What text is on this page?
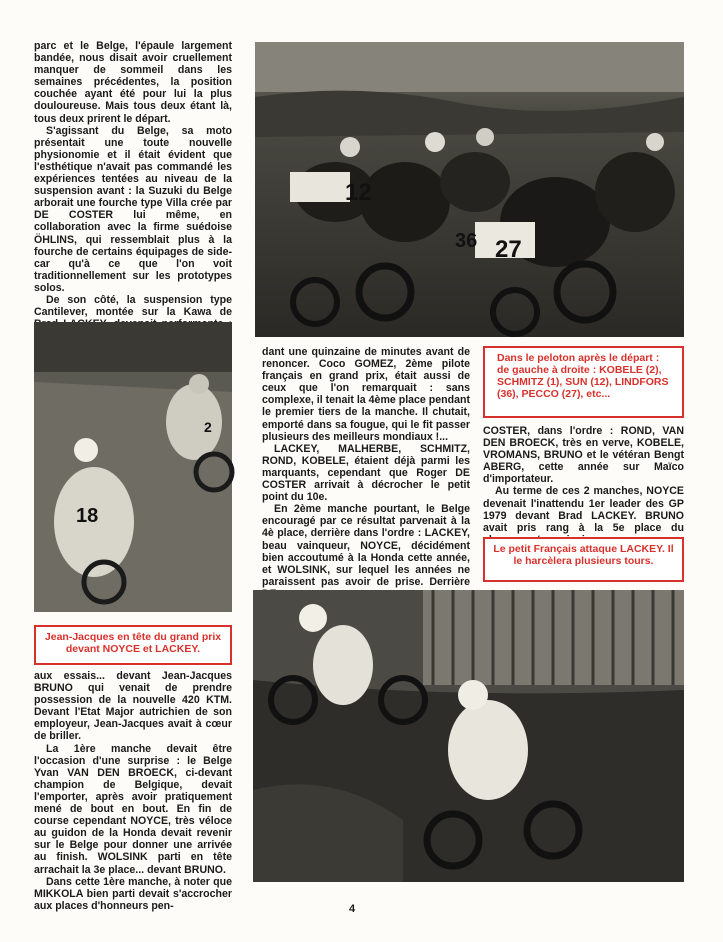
parc et le Belge, l'épaule largement bandée, nous disait avoir cruellement manquer de sommeil dans les semaines précédentes, la position couchée ayant été pour lui la plus douloureuse. Mais tous deux étant là, tous deux prirent le départ.

S'agissant du Belge, sa moto présentait une toute nouvelle physionomie et il était évident que l'esthétique n'avait pas commandé les expériences tentées au niveau de la suspension avant : la Suzuki du Belge arborait une fourche type Villa crée par DE COSTER lui même, en collaboration avec la firme suédoise ÖHLINS, qui ressemblait plus à la fourche de certains équipages de side-car qu'à ce que l'on voit traditionnellement sur les prototypes solos.

De son côté, la suspension type Cantilever, montée sur la Kawa de

12
36 27
18
2

dant une quinzaine de minutes avant de renoncer. Coco GOMEZ, 2ème pilote français en grand prix, était aussi de ceux que l'on remarquait : sans complexe, il tenait la 4ème place pendant le premier tiers de la manche. Il chutait, emporté dans sa fougue, qui le fit passer plusieurs des meilleurs mondiaux !...

LACKEY, MALHERBE, SCHMITZ, ROND, KOBELE, étaient déjà parmi les marquants, cependant que Roger DE COSTER arrivait à décrocher le petit point du 10e.

En 2ème manche pourtant, le Belge encouragé par ce résultat parvenait à la 4è place, derrière dans l'ordre : LACKEY, beau vainqueur, NOYCE, décidément bien accoutumé à la Honda cette année, et WOLSINK, sur lequel les années ne paraissent pas avoir de prise. Derrière

Dans le peloton après le départ : de gauche à droite : KOBELE (2), SCHMITZ (1), SUN (12), LINDFORS (36), PECCO (27), etc...

COSTER, dans l'ordre : ROND, VAN DEN BROECK, très en verve, KOBELE, VROMANS, BRUNO et le vétéran Bengt ABERG, cette année sur Maïco d'importateur.

Au terme de ces 2 manches, NOYCE devenait l'inattendu 1er leader des GP 1979 devant Brad LACKEY. BRUNO avait pris rang à la 5e place du

Le petit Français attaque LACKEY. Il le harcèlera plusieurs tours.
Jean-Jacques en tête du grand prix devant NOYCE et LACKEY.

aux essais... devant Jean-Jacques BRUNO qui venait de prendre possession de la nouvelle 420 KTM. Devant l'Etat Major autrichien de son employeur, Jean-Jacques avait à cœur de briller.

La 1ère manche devait être l'occasion d'une surprise : le Belge Yvan VAN DEN BROECK, ci-devant champion de Belgique, devait l'emporter, après avoir pratiquement mené de bout en bout. En fin de course cependant NOYCE, très véloce au guidon de la Honda devait revenir sur le Belge pour donner une arrivée au finish. WOLSINK parti en tête arrachait la 3e place... devant BRUNO.

Dans cette 1ère manche, à noter que MIKKOLA bien parti devait s'accrocher aux places d'honneurs pen-	4
